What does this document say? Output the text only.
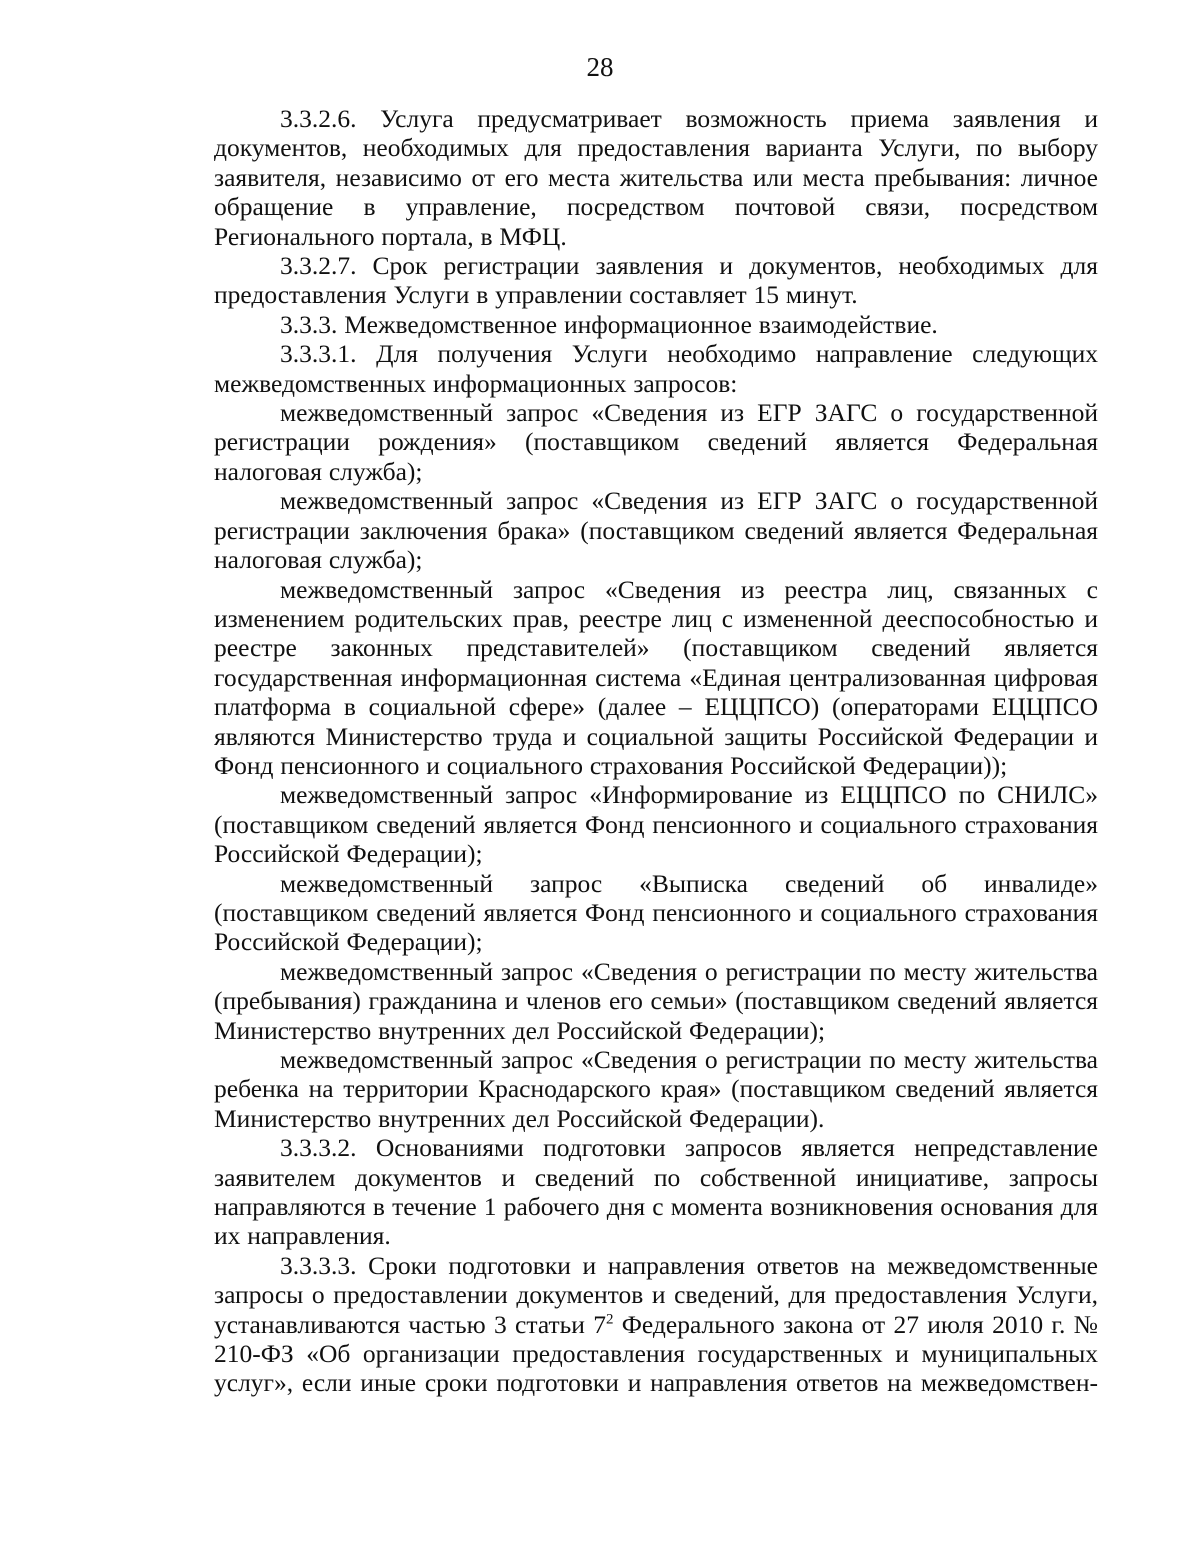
28

3.3.2.6. Услуга предусматривает возможность приема заявления и документов, необходимых для предоставления варианта Услуги, по выбору заявителя, независимо от его места жительства или места пребывания: личное обращение в управление, посредством почтовой связи, посредством Регионального портала, в МФЦ.

3.3.2.7. Срок регистрации заявления и документов, необходимых для предоставления Услуги в управлении составляет 15 минут.

3.3.3. Межведомственное информационное взаимодействие.

3.3.3.1. Для получения Услуги необходимо направление следующих межведомственных информационных запросов:

межведомственный запрос «Сведения из ЕГР ЗАГС о государственной регистрации рождения» (поставщиком сведений является Федеральная налоговая служба);

межведомственный запрос «Сведения из ЕГР ЗАГС о государственной регистрации заключения брака» (поставщиком сведений является Федеральная налоговая служба);

межведомственный запрос «Сведения из реестра лиц, связанных с изменением родительских прав, реестре лиц с измененной дееспособностью и реестре законных представителей» (поставщиком сведений является государственная информационная система «Единая централизованная цифровая платформа в социальной сфере» (далее – ЕЦЦПСО) (операторами ЕЦЦПСО являются Министерство труда и социальной защиты Российской Федерации и Фонд пенсионного и социального страхования Российской Федерации));

межведомственный запрос «Информирование из ЕЦЦПСО по СНИЛС» (поставщиком сведений является Фонд пенсионного и социального страхования Российской Федерации);

межведомственный запрос «Выписка сведений об инвалиде» (поставщиком сведений является Фонд пенсионного и социального страхования Российской Федерации);

межведомственный запрос «Сведения о регистрации по месту жительства (пребывания) гражданина и членов его семьи» (поставщиком сведений является Министерство внутренних дел Российской Федерации);

межведомственный запрос «Сведения о регистрации по месту жительства ребенка на территории Краснодарского края» (поставщиком сведений является Министерство внутренних дел Российской Федерации).

3.3.3.2. Основаниями подготовки запросов является непредставление заявителем документов и сведений по собственной инициативе, запросы направляются в течение 1 рабочего дня с момента возникновения основания для их направления.

3.3.3.3. Сроки подготовки и направления ответов на межведомственные запросы о предоставлении документов и сведений, для предоставления Услуги, устанавливаются частью 3 статьи $7^2$ Федерального закона от 27 июля 2010 г. № 210-ФЗ «Об организации предоставления государственных и муниципальных услуг», если иные сроки подготовки и направления ответов на межведомствен-
